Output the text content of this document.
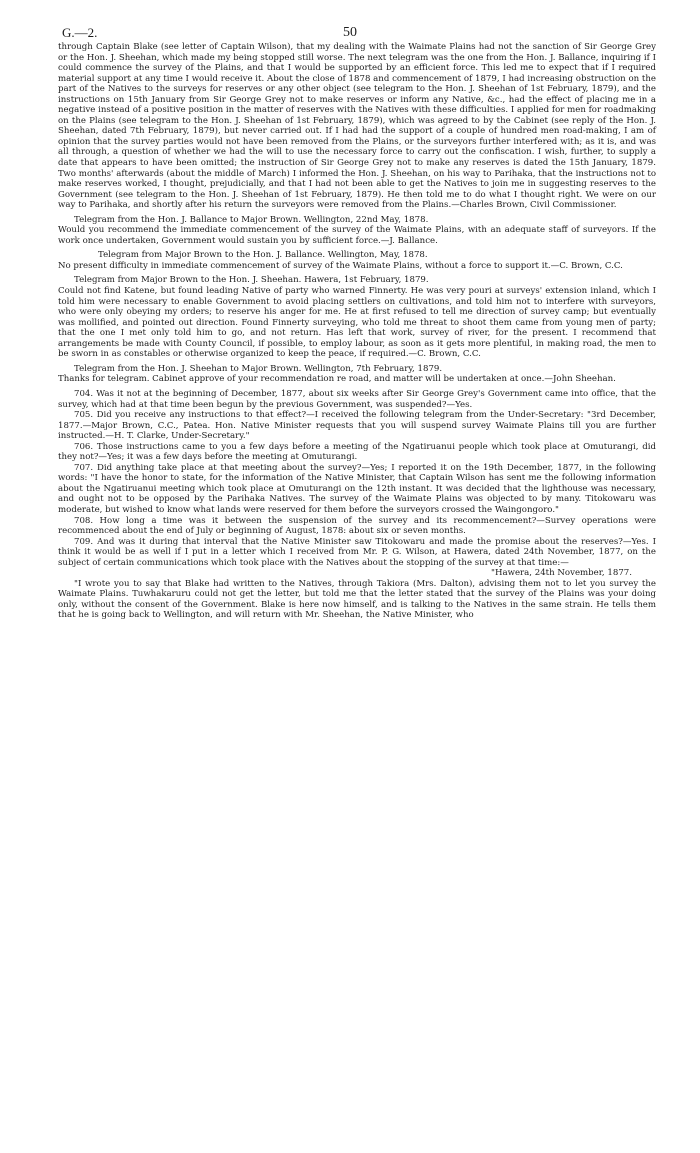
G.—2.	50

through Captain Blake (see letter of Captain Wilson), that my dealing with the Waimate Plains had not the sanction of Sir George Grey or the Hon. J. Sheehan, which made my being stopped still worse. The next telegram was the one from the Hon. J. Ballance, inquiring if I could commence the survey of the Plains, and that I would be supported by an efficient force. This led me to expect that if I required material support at any time I would receive it. About the close of 1878 and commencement of 1879, I had increasing obstruction on the part of the Natives to the surveys for reserves or any other object (see telegram to the Hon. J. Sheehan of 1st February, 1879), and the instructions on 15th January from Sir George Grey not to make reserves or inform any Native, &c., had the effect of placing me in a negative instead of a positive position in the matter of reserves with the Natives with these difficulties. I applied for men for roadmaking on the Plains (see telegram to the Hon. J. Sheehan of 1st February, 1879), which was agreed to by the Cabinet (see reply of the Hon. J. Sheehan, dated 7th February, 1879), but never carried out. If I had had the support of a couple of hundred men road-making, I am of opinion that the survey parties would not have been removed from the Plains, or the surveyors further interfered with; as it is, and was all through, a question of whether we had the will to use the necessary force to carry out the confiscation. I wish, further, to supply a date that appears to have been omitted; the instruction of Sir George Grey not to make any reserves is dated the 15th January, 1879. Two months' afterwards (about the middle of March) I informed the Hon. J. Sheehan, on his way to Parihaka, that the instructions not to make reserves worked, I thought, prejudicially, and that I had not been able to get the Natives to join me in suggesting reserves to the Government (see telegram to the Hon. J. Sheehan of 1st February, 1879). He then told me to do what I thought right. We were on our way to Parihaka, and shortly after his return the surveyors were removed from the Plains.—Charles Brown, Civil Commissioner.

Telegram from the Hon. J. Ballance to Major Brown. Wellington, 22nd May, 1878.

Would you recommend the immediate commencement of the survey of the Waimate Plains, with an adequate staff of surveyors. If the work once undertaken, Government would sustain you by sufficient force.—J. Ballance.

Telegram from Major Brown to the Hon. J. Ballance. Wellington, May, 1878.

No present difficulty in immediate commencement of survey of the Waimate Plains, without a force to support it.—C. Brown, C.C.

Telegram from Major Brown to the Hon. J. Sheehan. Hawera, 1st February, 1879.

Could not find Katene, but found leading Native of party who warned Finnerty. He was very pouri at surveys' extension inland, which I told him were necessary to enable Government to avoid placing settlers on cultivations, and told him not to interfere with surveyors, who were only obeying my orders; to reserve his anger for me. He at first refused to tell me direction of survey camp; but eventually was mollified, and pointed out direction. Found Finnerty surveying, who told me threat to shoot them came from young men of party; that the one I met only told him to go, and not return. Has left that work, survey of river, for the present. I recommend that arrangements be made with County Council, if possible, to employ labour, as soon as it gets more plentiful, in making road, the men to be sworn in as constables or otherwise organized to keep the peace, if required.—C. Brown, C.C.

Telegram from the Hon. J. Sheehan to Major Brown. Wellington, 7th February, 1879.

Thanks for telegram. Cabinet approve of your recommendation re road, and matter will be undertaken at once.—John Sheehan.

704. Was it not at the beginning of December, 1877, about six weeks after Sir George Grey's Government came into office, that the survey, which had at that time been begun by the previous Government, was suspended?—Yes.

705. Did you receive any instructions to that effect?—I received the following telegram from the Under-Secretary: "3rd December, 1877.—Major Brown, C.C., Patea. Hon. Native Minister requests that you will suspend survey Waimate Plains till you are further instructed.—H. T. Clarke, Under-Secretary."

706. Those instructions came to you a few days before a meeting of the Ngatiruanui people which took place at Omuturangi, did they not?—Yes; it was a few days before the meeting at Omuturangi.

707. Did anything take place at that meeting about the survey?—Yes; I reported it on the 19th December, 1877, in the following words: "I have the honor to state, for the information of the Native Minister, that Captain Wilson has sent me the following information about the Ngatiruanui meeting which took place at Omuturangi on the 12th instant. It was decided that the lighthouse was necessary, and ought not to be opposed by the Parihaka Natives. The survey of the Waimate Plains was objected to by many. Titokowaru was moderate, but wished to know what lands were reserved for them before the surveyors crossed the Waingongoro."

708. How long a time was it between the suspension of the survey and its recommencement?—Survey operations were recommenced about the end of July or beginning of August, 1878: about six or seven months.

709. And was it during that interval that the Native Minister saw Titokowaru and made the promise about the reserves?—Yes. I think it would be as well if I put in a letter which I received from Mr. P. G. Wilson, at Hawera, dated 24th November, 1877, on the subject of certain communications which took place with the Natives about the stopping of the survey at that time:—

"Hawera, 24th November, 1877.

"I wrote you to say that Blake had written to the Natives, through Takiora (Mrs. Dalton), advising them not to let you survey the Waimate Plains. Tuwhakaruru could not get the letter, but told me that the letter stated that the survey of the Plains was your doing only, without the consent of the Government. Blake is here now himself, and is talking to the Natives in the same strain. He tells them that he is going back to Wellington, and will return with Mr. Sheehan, the Native Minister, who
